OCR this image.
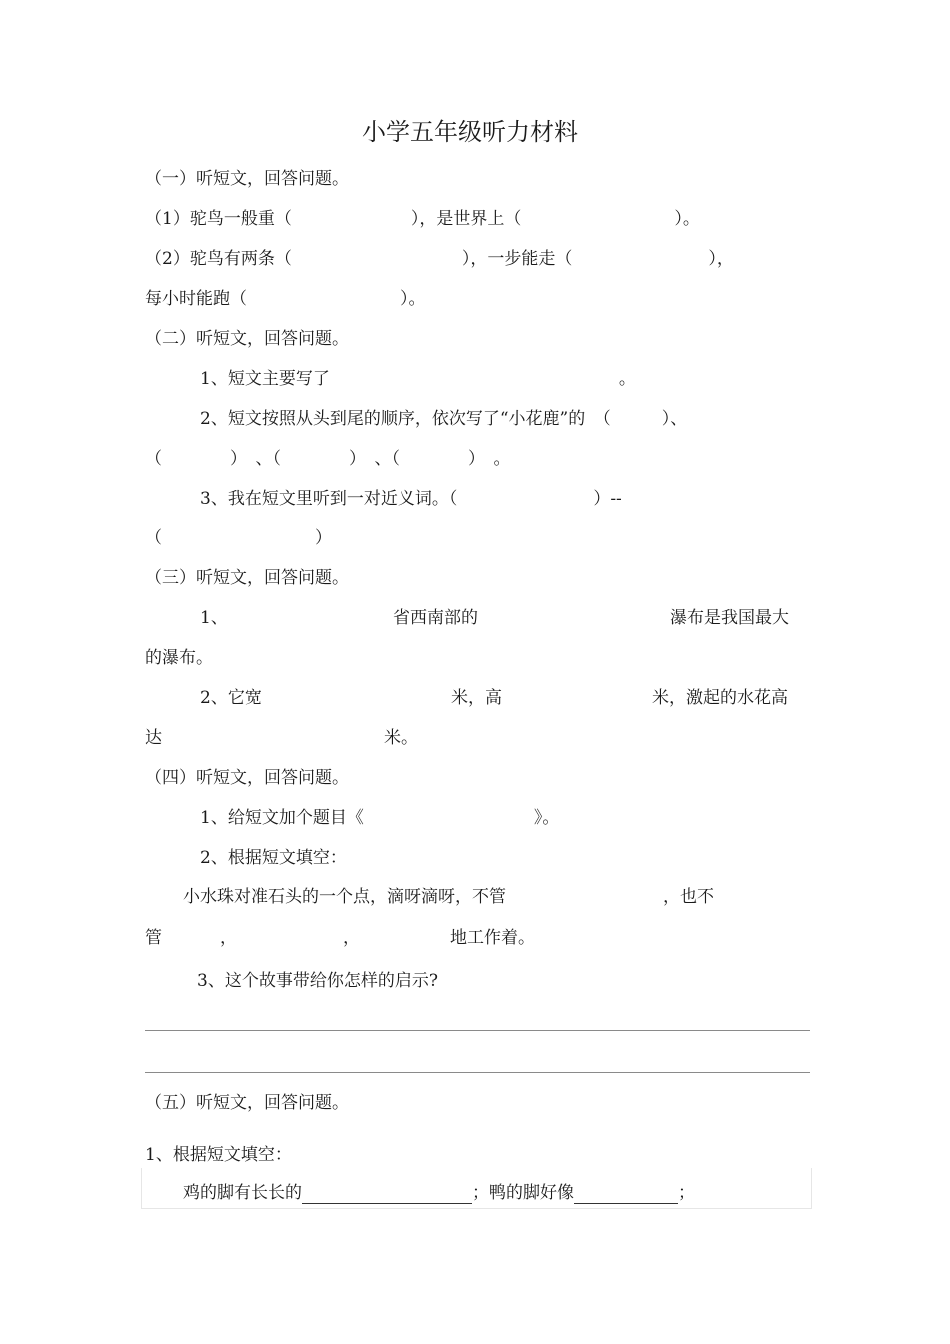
小学五年级听力材料
（一）听短文，回答问题。
（1）驼鸟一般重（　　　　　　　），是世界上（　　　　　　　　　）。
（2）驼鸟有两条（　　　　　　　　　　），一步能走（　　　　　　　　），
每小时能跑（　　　　　　　　　）。
（二）听短文，回答问题。
1、短文主要写了　　　　　　　　　　　　　　　　　。
2、短文按照从头到尾的顺序，依次写了“小花鹿”的　（　　　）、
（　　　　）　、（　　　　）　、（　　　　）　。
3、我在短文里听到一对近义词。（　　　　　　　　）--
（　　　　　　　　　）
（三）听短文，回答问题。
1、	省西南部的	瀑布是我国最大
的瀑布。
2、它宽	米，高	米，激起的水花高
达	米。
（四）听短文，回答问题。
1、给短文加个题目《　　　　　　　　　　》。
2、根据短文填空：
小水珠对准石头的一个点，滴呀滴呀，不管	，也不
管	，	，	地工作着。
3、这个故事带给你怎样的启示?
（五）听短文，回答问题。
1、根据短文填空：
鸡的脚有长长的	；鸭的脚好像	；
